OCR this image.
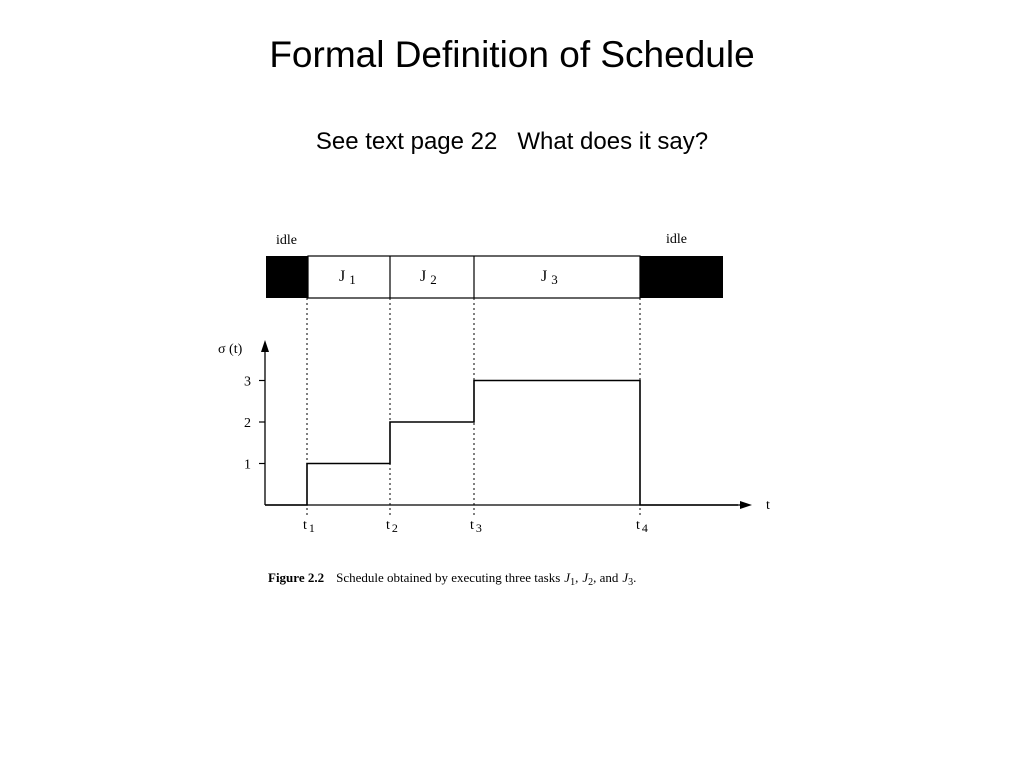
Formal Definition of Schedule
See text page 22   What does it say?
idle	idle
J 1	J 2	J 3
σ (t)
t
1
2
3
t 1	t 2	t 3	t 4
Figure 2.2 Schedule obtained by executing three tasks $J_1$, $J_2$, and $J_3$.
